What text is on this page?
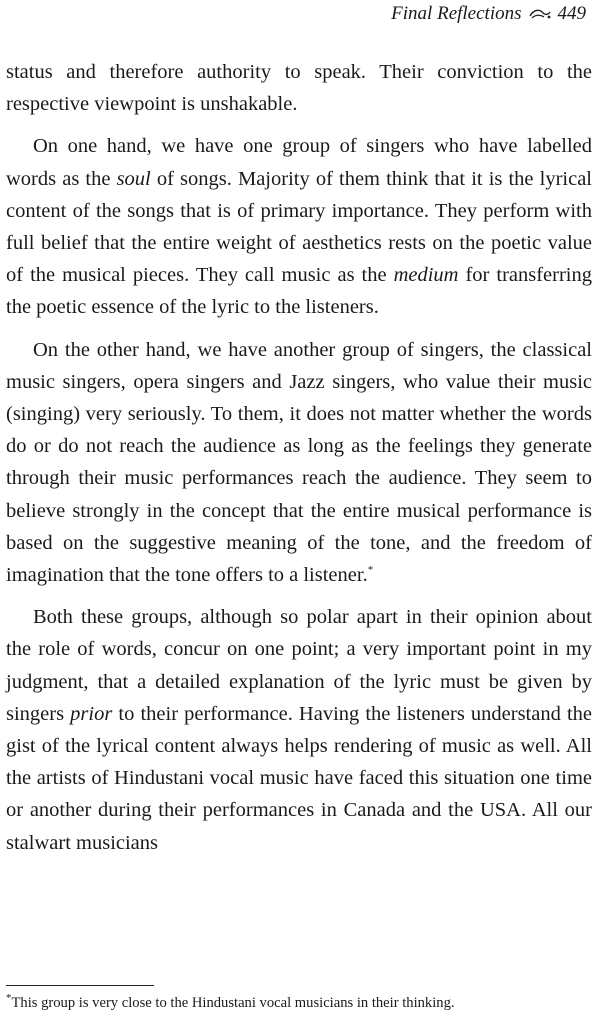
Final Reflections 449

status and therefore authority to speak. Their conviction to the respective viewpoint is unshakable.

On one hand, we have one group of singers who have labelled words as the soul of songs. Majority of them think that it is the lyrical content of the songs that is of primary importance. They perform with full belief that the entire weight of aesthetics rests on the poetic value of the musical pieces. They call music as the medium for transferring the poetic essence of the lyric to the listeners.

On the other hand, we have another group of singers, the classical music singers, opera singers and Jazz singers, who value their music (singing) very seriously. To them, it does not matter whether the words do or do not reach the audience as long as the feelings they generate through their music performances reach the audience. They seem to believe strongly in the concept that the entire musical performance is based on the suggestive meaning of the tone, and the freedom of imagination that the tone offers to a listener.*

Both these groups, although so polar apart in their opinion about the role of words, concur on one point; a very important point in my judgment, that a detailed explanation of the lyric must be given by singers prior to their performance. Having the listeners understand the gist of the lyrical content always helps rendering of music as well. All the artists of Hindustani vocal music have faced this situation one time or another during their performances in Canada and the USA. All our stalwart musicians

*This group is very close to the Hindustani vocal musicians in their thinking.
